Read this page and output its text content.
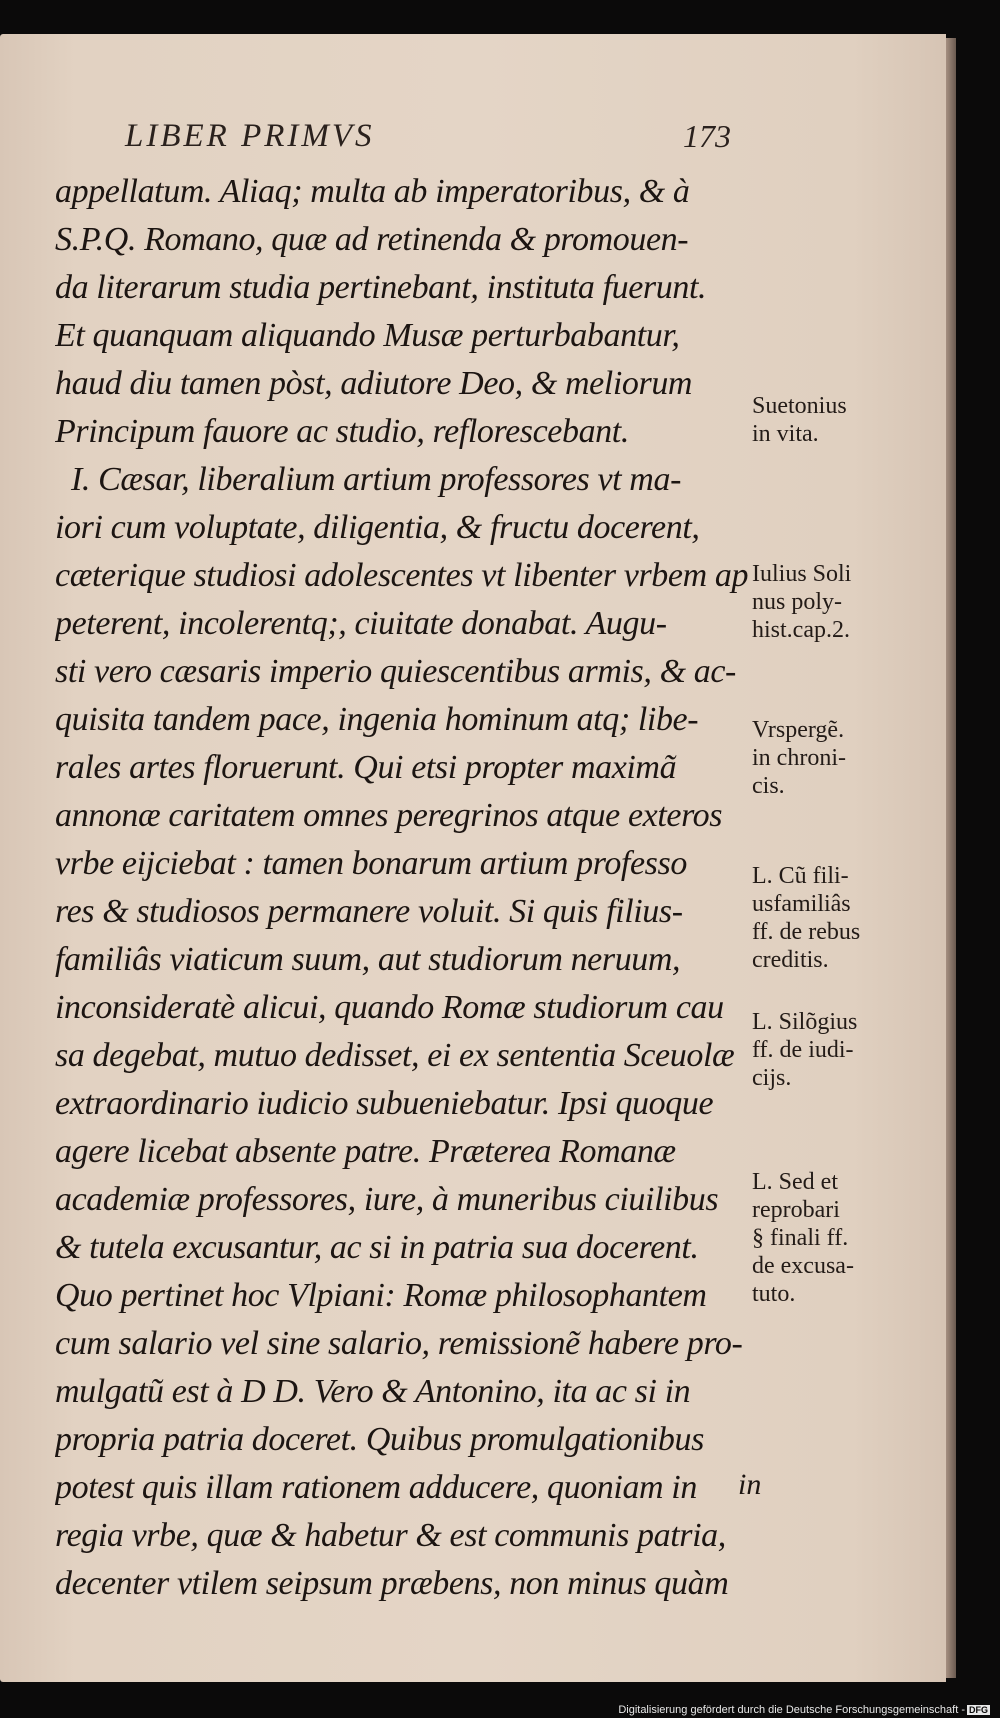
LIBER PRIMVS	173
appellatum. Aliaq; multa ab imperatoribus, & à
S.P.Q. Romano, quæ ad retinenda & promouen-
da literarum studia pertinebant, instituta fuerunt.
Et quanquam aliquando Musæ perturbabantur,
haud diu tamen pòst, adiutore Deo, & meliorum
Principum fauore ac studio, reflorescebant.
I. Cæsar, liberalium artium professores vt ma-
iori cum voluptate, diligentia, & fructu docerent,
cæterique studiosi adolescentes vt libenter vrbem ap
peterent, incolerentq;, ciuitate donabat. Augu-
sti vero cæsaris imperio quiescentibus armis, & ac-
quisita tandem pace, ingenia hominum atq; libe-
rales artes floruerunt. Qui etsi propter maximã
annonæ caritatem omnes peregrinos atque exteros
vrbe eijciebat : tamen bonarum artium professo
res & studiosos permanere voluit. Si quis filius-
familiâs viaticum suum, aut studiorum neruum,
inconsideratè alicui, quando Romæ studiorum cau
sa degebat, mutuo dedisset, ei ex sententia Sceuolæ
extraordinario iudicio subueniebatur. Ipsi quoque
agere licebat absente patre. Præterea Romanæ
academiæ professores, iure, à muneribus ciuilibus
& tutela excusantur, ac si in patria sua docerent.
Quo pertinet hoc Vlpiani: Romæ philosophantem
cum salario vel sine salario, remissionẽ habere pro-
mulgatũ est à D D. Vero & Antonino, ita ac si in
propria patria doceret. Quibus promulgationibus
potest quis illam rationem adducere, quoniam in
regia vrbe, quæ & habetur & est communis patria,
decenter vtilem seipsum præbens, non minus quàm
in
Suetonius
in vita.
Iulius Soli
nus poly-
hist.cap.2.
Vrspergẽ.
in chroni-
cis.
L. Cũ fili-
usfamiliâs
ff. de rebus
creditis.
L. Silõgius
ff. de iudi-
cijs.
L. Sed et
reprobari
§ finali ff.
de excusa-
tuto.
Digitalisierung gefördert durch die Deutsche Forschungsgemeinschaft - DFG
